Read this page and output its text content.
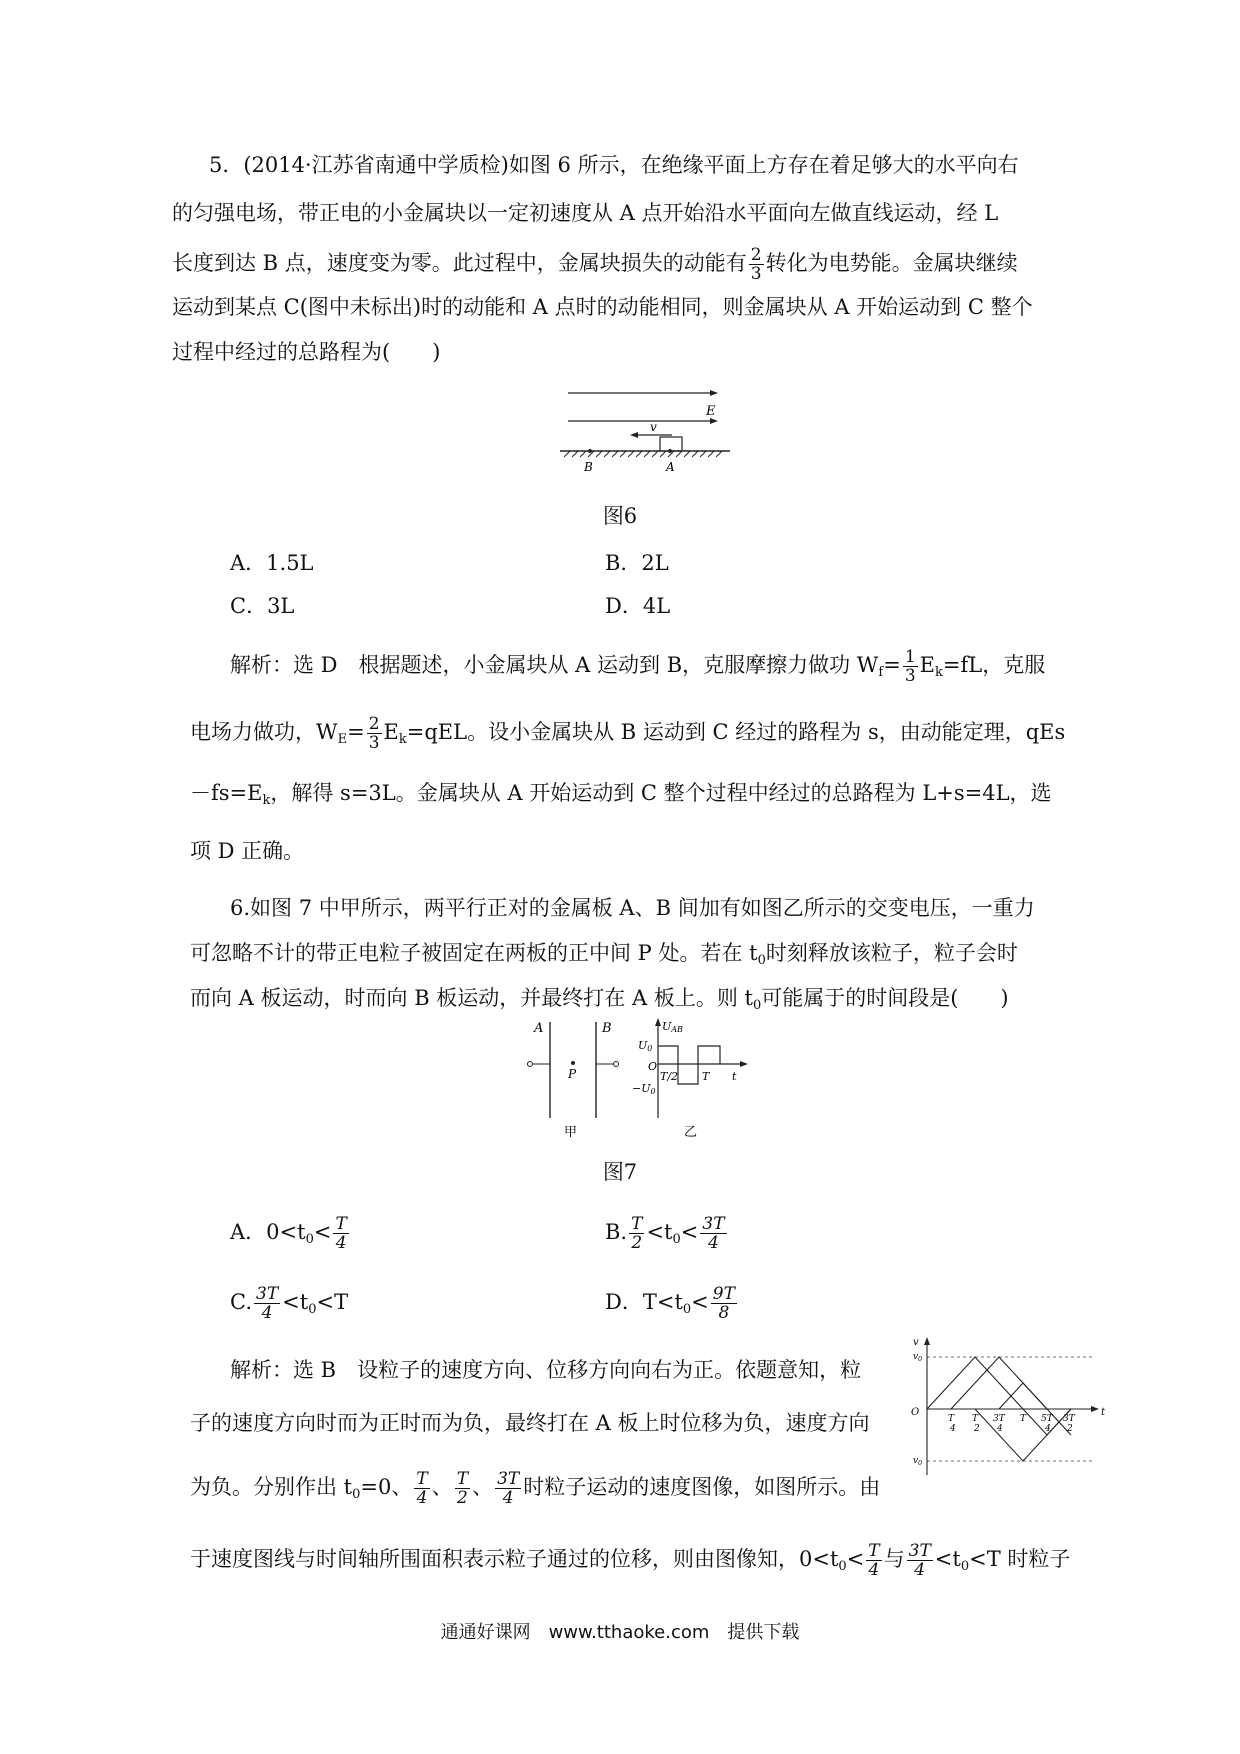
5．(2014·江苏省南通中学质检)如图 6 所示，在绝缘平面上方存在着足够大的水平向右
的匀强电场，带正电的小金属块以一定初速度从 A 点开始沿水平面向左做直线运动，经 L
长度到达 B 点，速度变为零。此过程中，金属块损失的动能有 $\frac{2}{3}$ 转化为电势能。金属块继续
运动到某点 C(图中未标出)时的动能和 A 点时的动能相同，则金属块从 A 开始运动到 C 整个
过程中经过的总路程为(　　)
E
v
B	A
图6
A．1.5L	B．2L
C．3L	D．4L
解析：选 D　根据题述，小金属块从 A 运动到 B，克服摩擦力做功 $W_f= \frac{1}{3} E_k=fL$，克服
电场力做功，$W_E= \frac{2}{3} E_k=qEL$。设小金属块从 B 运动到 C 经过的路程为 s，由动能定理，qEs
$-fs=E_k$，解得 s=3L。金属块从 A 开始运动到 C 整个过程中经过的总路程为 L+s=4L，选
项 D 正确。
6.如图 7 中甲所示，两平行正对的金属板 A、B 间加有如图乙所示的交变电压，一重力
可忽略不计的带正电粒子被固定在两板的正中间 P 处。若在 $t_0$时刻释放该粒子，粒子会时
而向 A 板运动，时而向 B 板运动，并最终打在 A 板上。则 $t_0$可能属于的时间段是(　　)
A	B
P
甲
UAB
U0
O
−U0
T/2 T t
乙
图7
A．$0<t_0< \frac{T}{4}$	B. $\frac{T}{2} <t_0< \frac{3T}{4}$
C. $\frac{3T}{4} <t_0<T$	D．$T<t_0< \frac{9T}{8}$
解析：选 B　设粒子的速度方向、位移方向向右为正。依题意知，粒
子的速度方向时而为正时而为负，最终打在 A 板上时位移为负，速度方向
为负。分别作出 $t_0=0$、 $\frac{T}{4}$ 、 $\frac{T}{2}$ 、 $\frac{3T}{4}$ 时粒子运动的速度图像，如图所示。由
于速度图线与时间轴所围面积表示粒子通过的位移，则由图像知，$0<t_0< \frac{T}{4}$ 与 $\frac{3T}{4} <t_0<T$ 时粒子
v
$v_0$
$v_0$
O	t
T
4
T
2
3T
4
T 5T
4
3T
2
通通好课网　www.tthaoke.com　提供下载
